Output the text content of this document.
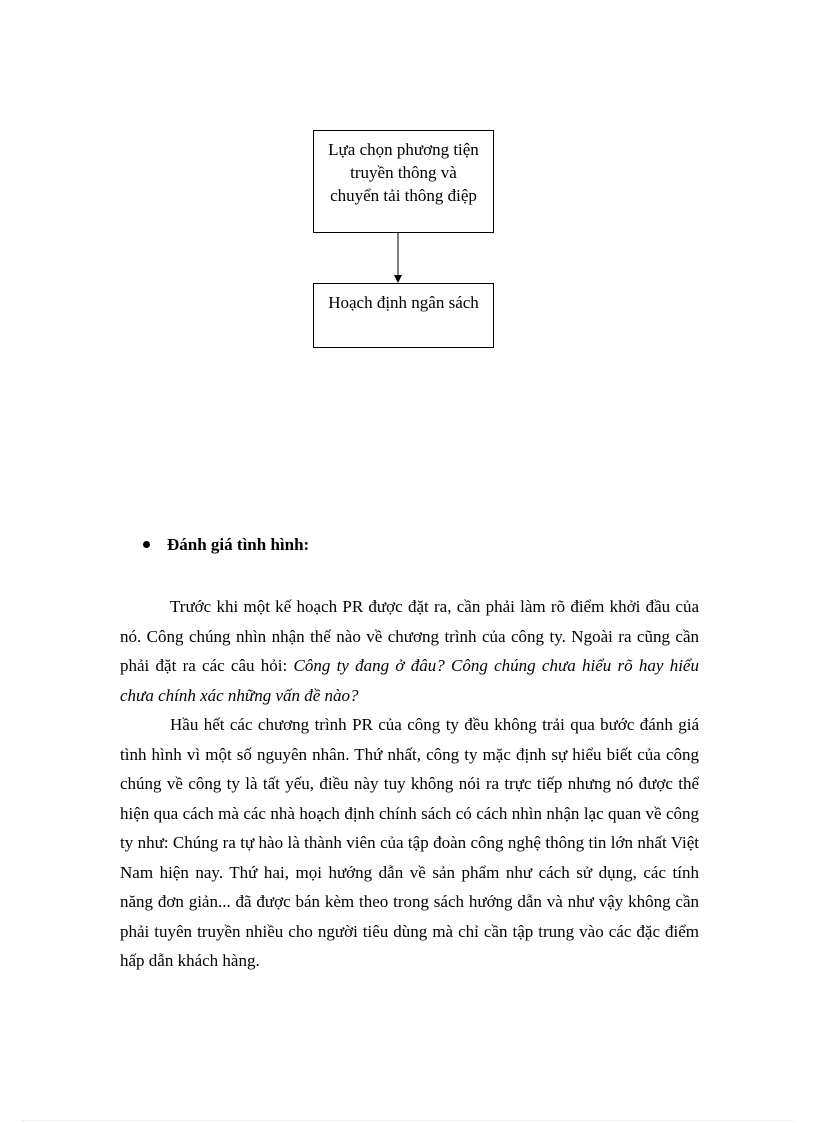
Lựa chọn phương tiện truyền thông và chuyển tải thông điệp
Hoạch định ngân sách
Đánh giá tình hình:

Trước khi một kế hoạch PR được đặt ra, cần phải làm rõ điểm khởi đầu của nó. Công chúng nhìn nhận thế nào về chương trình của công ty. Ngoài ra cũng cần phải đặt ra các câu hỏi: Công ty đang ở đâu? Công chúng chưa hiểu rõ hay hiểu chưa chính xác những vấn đề nào?

Hầu hết các chương trình PR của công ty đều không trải qua bước đánh giá tình hình vì một số nguyên nhân. Thứ nhất, công ty mặc định sự hiểu biết của công chúng về công ty là tất yếu, điều này tuy không nói ra trực tiếp nhưng nó được thể hiện qua cách mà các nhà hoạch định chính sách có cách nhìn nhận lạc quan về công ty như: Chúng ra tự hào là thành viên của tập đoàn công nghệ thông tin lớn nhất Việt Nam hiện nay. Thứ hai, mọi hướng dẫn về sản phẩm như cách sử dụng, các tính năng đơn giản... đã được bán kèm theo trong sách hướng dẫn và như vậy không cần phải tuyên truyền nhiều cho người tiêu dùng mà chỉ cần tập trung vào các đặc điểm hấp dẫn khách hàng.
